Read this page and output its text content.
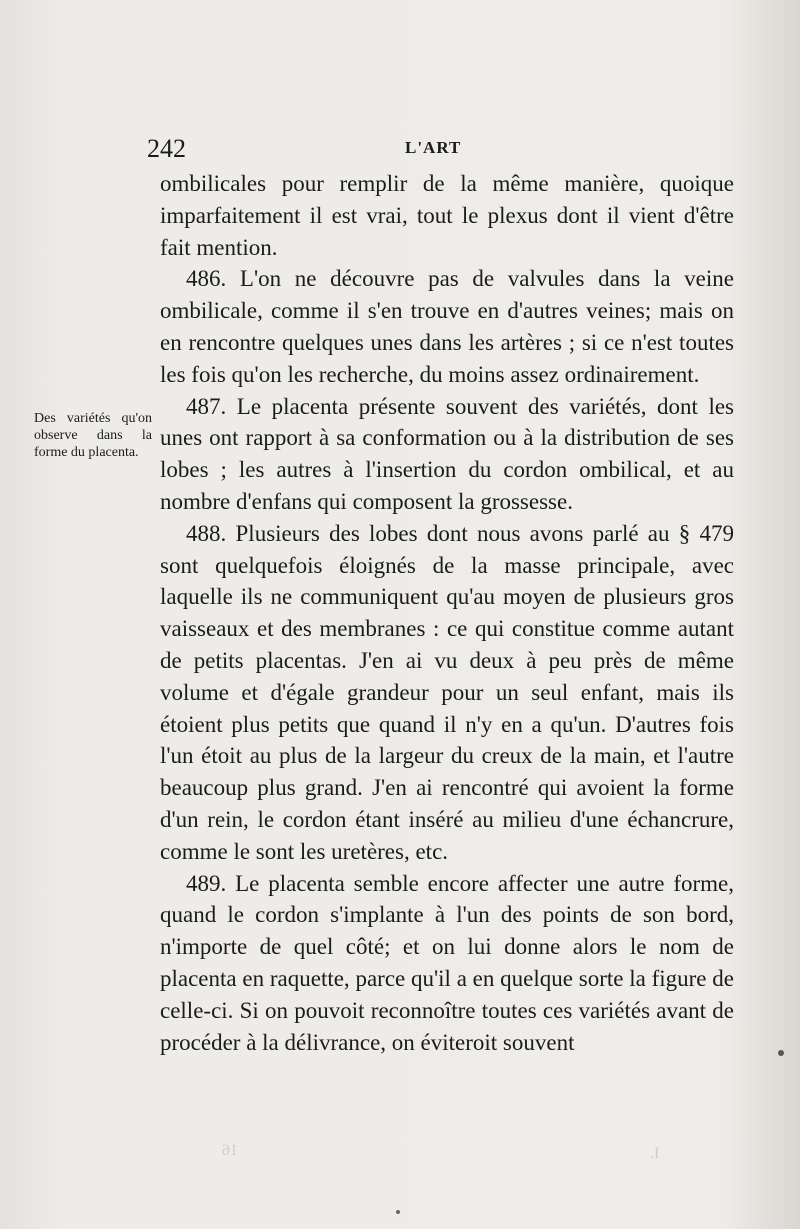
242	L'ART
Des variétés qu'on observe dans la forme du placenta.

ombilicales pour remplir de la même manière, quoique imparfaitement il est vrai, tout le plexus dont il vient d'être fait mention.

486. L'on ne découvre pas de valvules dans la veine ombilicale, comme il s'en trouve en d'autres veines; mais on en rencontre quelques unes dans les artères ; si ce n'est toutes les fois qu'on les recherche, du moins assez ordinairement.

487. Le placenta présente souvent des variétés, dont les unes ont rapport à sa conformation ou à la distribution de ses lobes ; les autres à l'insertion du cordon ombilical, et au nombre d'enfans qui composent la grossesse.

488. Plusieurs des lobes dont nous avons parlé au § 479 sont quelquefois éloignés de la masse principale, avec laquelle ils ne communiquent qu'au moyen de plusieurs gros vaisseaux et des membranes : ce qui constitue comme autant de petits placentas. J'en ai vu deux à peu près de même volume et d'égale grandeur pour un seul enfant, mais ils étoient plus petits que quand il n'y en a qu'un. D'autres fois l'un étoit au plus de la largeur du creux de la main, et l'autre beaucoup plus grand. J'en ai rencontré qui avoient la forme d'un rein, le cordon étant inséré au milieu d'une échancrure, comme le sont les uretères, etc.

489. Le placenta semble encore affecter une autre forme, quand le cordon s'implante à l'un des points de son bord, n'importe de quel côté; et on lui donne alors le nom de placenta en raquette, parce qu'il a en quelque sorte la figure de celle-ci. Si on pouvoit reconnoître toutes ces variétés avant de procéder à la délivrance, on éviteroit souvent

16	I.
